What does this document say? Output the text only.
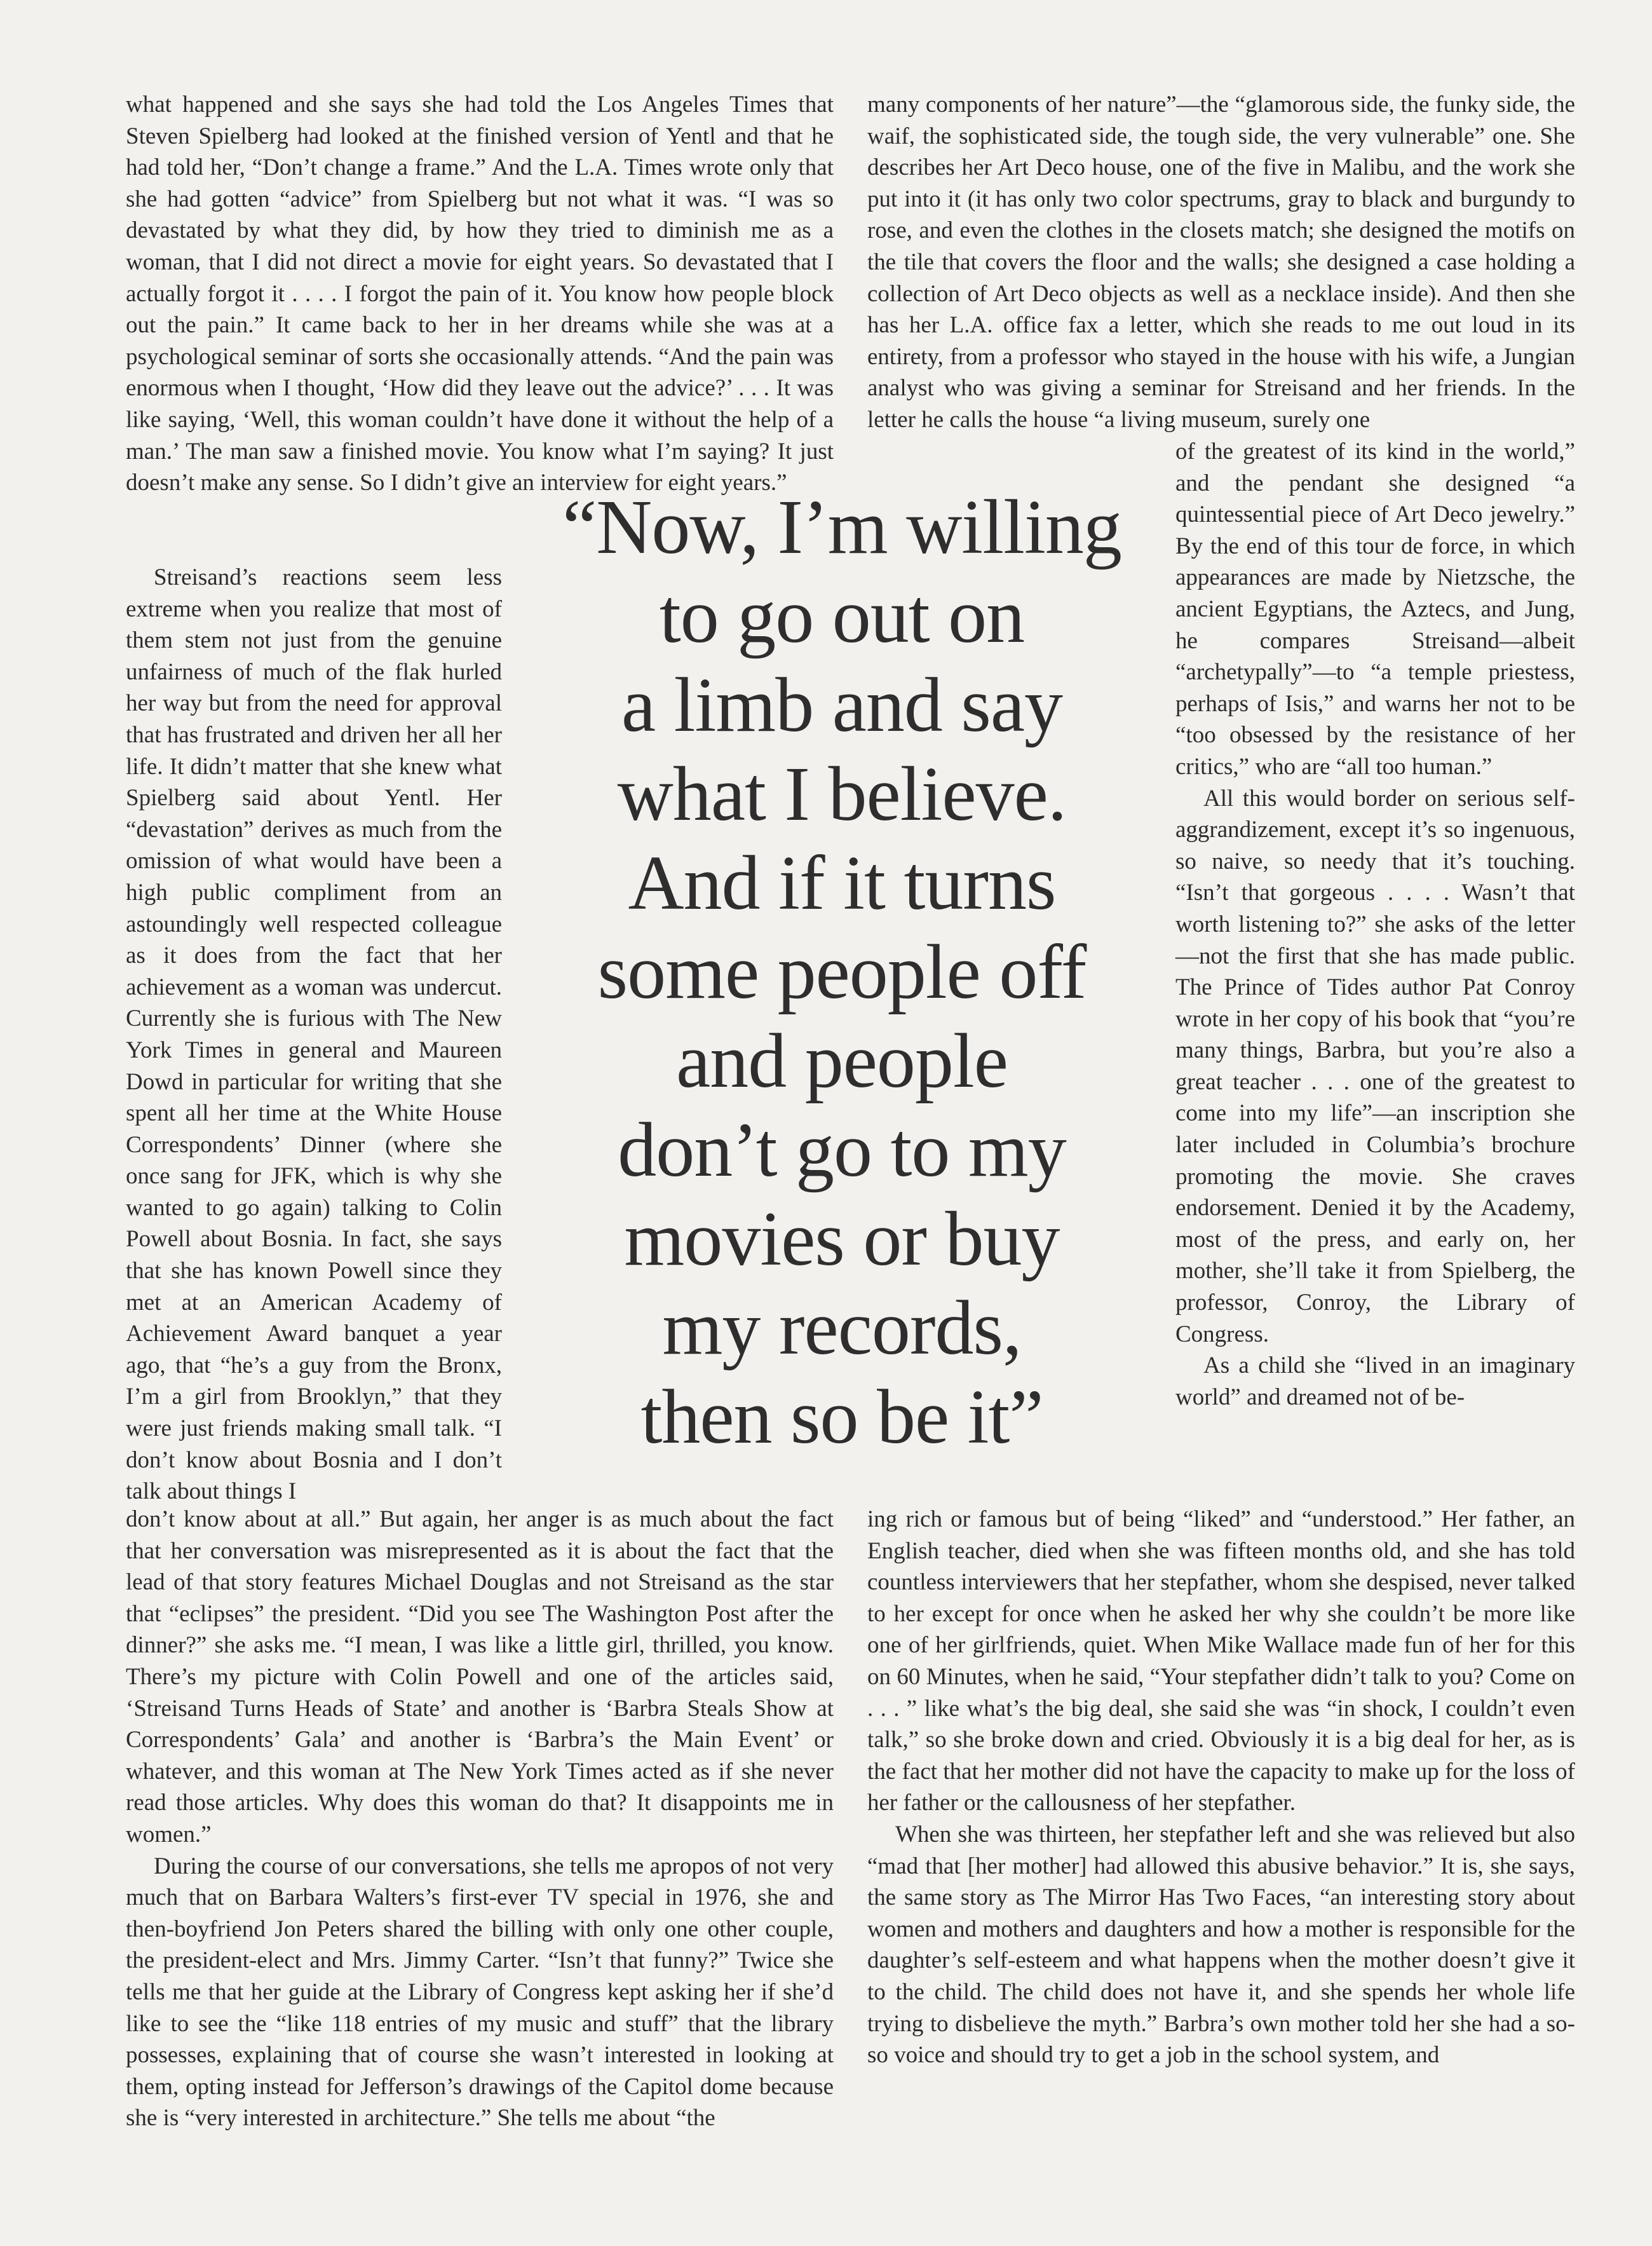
what happened and she says she had told the Los Angeles Times that Steven Spielberg had looked at the finished version of Yentl and that he had told her, “Don’t change a frame.” And the L.A. Times wrote only that she had gotten “advice” from Spielberg but not what it was. “I was so devastated by what they did, by how they tried to diminish me as a woman, that I did not direct a movie for eight years. So devastated that I actually forgot it . . . . I forgot the pain of it. You know how people block out the pain.” It came back to her in her dreams while she was at a psychological seminar of sorts she occasionally attends. “And the pain was enormous when I thought, ‘How did they leave out the advice?’ . . . It was like saying, ‘Well, this woman couldn’t have done it without the help of a man.’ The man saw a finished movie. You know what I’m saying? It just doesn’t make any sense. So I didn’t give an interview for eight years.”

Streisand’s reactions seem less extreme when you realize that most of them stem not just from the genuine unfairness of much of the flak hurled her way but from the need for approval that has frustrated and driven her all her life. It didn’t matter that she knew what Spielberg said about Yentl. Her “devastation” derives as much from the omission of what would have been a high public compliment from an astoundingly well respected colleague as it does from the fact that her achievement as a woman was undercut. Currently she is furious with The New York Times in general and Maureen Dowd in particular for writing that she spent all her time at the White House Correspondents’ Dinner (where she once sang for JFK, which is why she wanted to go again) talking to Colin Powell about Bosnia. In fact, she says that she has known Powell since they met at an American Academy of Achievement Award banquet a year ago, that “he’s a guy from the Bronx, I’m a girl from Brooklyn,” that they were just friends making small talk. “I don’t know about Bosnia and I don’t talk about things I

don’t know about at all.” But again, her anger is as much about the fact that her conversation was misrepresented as it is about the fact that the lead of that story features Michael Douglas and not Streisand as the star that “eclipses” the president. “Did you see The Washington Post after the dinner?” she asks me. “I mean, I was like a little girl, thrilled, you know. There’s my picture with Colin Powell and one of the articles said, ‘Streisand Turns Heads of State’ and another is ‘Barbra Steals Show at Correspondents’ Gala’ and another is ‘Barbra’s the Main Event’ or whatever, and this woman at The New York Times acted as if she never read those articles. Why does this woman do that? It disappoints me in women.”

During the course of our conversations, she tells me apropos of not very much that on Barbara Walters’s first-ever TV special in 1976, she and then-boyfriend Jon Peters shared the billing with only one other couple, the president-elect and Mrs. Jimmy Carter. “Isn’t that funny?” Twice she tells me that her guide at the Library of Congress kept asking her if she’d like to see the “like 118 entries of my music and stuff” that the library possesses, explaining that of course she wasn’t interested in looking at them, opting instead for Jefferson’s drawings of the Capitol dome because she is “very interested in architecture.” She tells me about “the

many components of her nature”—the “glamorous side, the funky side, the waif, the sophisticated side, the tough side, the very vulnerable” one. She describes her Art Deco house, one of the five in Malibu, and the work she put into it (it has only two color spectrums, gray to black and burgundy to rose, and even the clothes in the closets match; she designed the motifs on the tile that covers the floor and the walls; she designed a case holding a collection of Art Deco objects as well as a necklace inside). And then she has her L.A. office fax a letter, which she reads to me out loud in its entirety, from a professor who stayed in the house with his wife, a Jungian analyst who was giving a seminar for Streisand and her friends. In the letter he calls the house “a living museum, surely one

of the greatest of its kind in the world,” and the pendant she designed “a quintessential piece of Art Deco jewelry.” By the end of this tour de force, in which appearances are made by Nietzsche, the ancient Egyptians, the Aztecs, and Jung, he compares Streisand—albeit “archetypally”—to “a temple priestess, perhaps of Isis,” and warns her not to be “too obsessed by the resistance of her critics,” who are “all too human.”

All this would border on serious self-aggrandizement, except it’s so ingenuous, so naive, so needy that it’s touching. “Isn’t that gorgeous . . . . Wasn’t that worth listening to?” she asks of the letter—not the first that she has made public. The Prince of Tides author Pat Conroy wrote in her copy of his book that “you’re many things, Barbra, but you’re also a great teacher . . . one of the greatest to come into my life”—an inscription she later included in Columbia’s brochure promoting the movie. She craves endorsement. Denied it by the Academy, most of the press, and early on, her mother, she’ll take it from Spielberg, the professor, Conroy, the Library of Congress.

As a child she “lived in an imaginary world” and dreamed not of be-

ing rich or famous but of being “liked” and “understood.” Her father, an English teacher, died when she was fifteen months old, and she has told countless interviewers that her stepfather, whom she despised, never talked to her except for once when he asked her why she couldn’t be more like one of her girlfriends, quiet. When Mike Wallace made fun of her for this on 60 Minutes, when he said, “Your stepfather didn’t talk to you? Come on . . . ” like what’s the big deal, she said she was “in shock, I couldn’t even talk,” so she broke down and cried. Obviously it is a big deal for her, as is the fact that her mother did not have the capacity to make up for the loss of her father or the callousness of her stepfather.

When she was thirteen, her stepfather left and she was relieved but also “mad that [her mother] had allowed this abusive behavior.” It is, she says, the same story as The Mirror Has Two Faces, “an interesting story about women and mothers and daughters and how a mother is responsible for the daughter’s self-esteem and what happens when the mother doesn’t give it to the child. The child does not have it, and she spends her whole life trying to disbelieve the myth.” Barbra’s own mother told her she had a so-so voice and should try to get a job in the school system, and

“Now, I’m willing
to go out on
a limb and say
what I believe.
And if it turns
some people off
and people
don’t go to my
movies or buy
my records,
then so be it”
